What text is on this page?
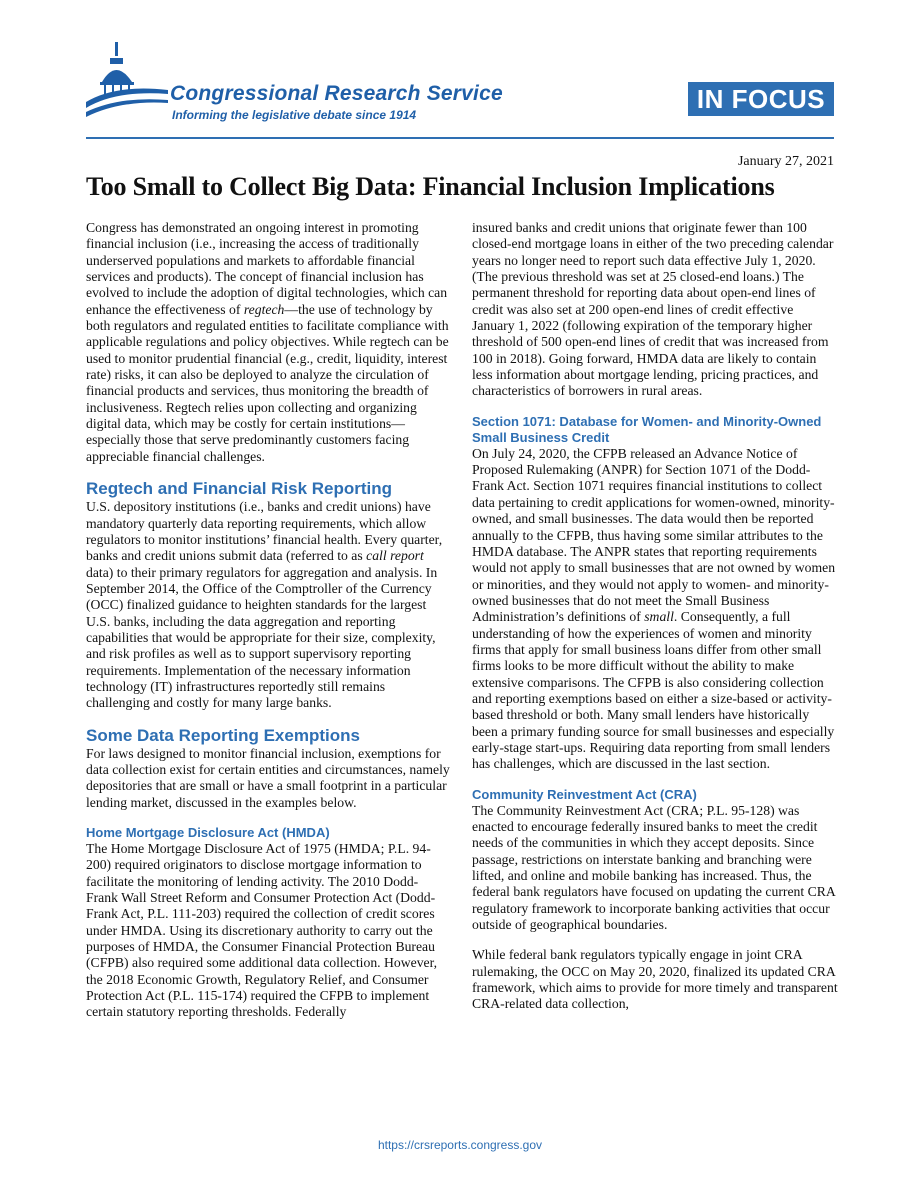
Congressional Research Service
Informing the legislative debate since 1914
IN FOCUS
January 27, 2021
Too Small to Collect Big Data: Financial Inclusion Implications

Congress has demonstrated an ongoing interest in promoting financial inclusion (i.e., increasing the access of traditionally underserved populations and markets to affordable financial services and products). The concept of financial inclusion has evolved to include the adoption of digital technologies, which can enhance the effectiveness of regtech—the use of technology by both regulators and regulated entities to facilitate compliance with applicable regulations and policy objectives. While regtech can be used to monitor prudential financial (e.g., credit, liquidity, interest rate) risks, it can also be deployed to analyze the circulation of financial products and services, thus monitoring the breadth of inclusiveness. Regtech relies upon collecting and organizing digital data, which may be costly for certain institutions—especially those that serve predominantly customers facing appreciable financial challenges.

Regtech and Financial Risk Reporting

U.S. depository institutions (i.e., banks and credit unions) have mandatory quarterly data reporting requirements, which allow regulators to monitor institutions’ financial health. Every quarter, banks and credit unions submit data (referred to as call report data) to their primary regulators for aggregation and analysis. In September 2014, the Office of the Comptroller of the Currency (OCC) finalized guidance to heighten standards for the largest U.S. banks, including the data aggregation and reporting capabilities that would be appropriate for their size, complexity, and risk profiles as well as to support supervisory reporting requirements. Implementation of the necessary information technology (IT) infrastructures reportedly still remains challenging and costly for many large banks.

Some Data Reporting Exemptions

For laws designed to monitor financial inclusion, exemptions for data collection exist for certain entities and circumstances, namely depositories that are small or have a small footprint in a particular lending market, discussed in the examples below.

Home Mortgage Disclosure Act (HMDA)

The Home Mortgage Disclosure Act of 1975 (HMDA; P.L. 94-200) required originators to disclose mortgage information to facilitate the monitoring of lending activity. The 2010 Dodd-Frank Wall Street Reform and Consumer Protection Act (Dodd-Frank Act, P.L. 111-203) required the collection of credit scores under HMDA. Using its discretionary authority to carry out the purposes of HMDA, the Consumer Financial Protection Bureau (CFPB) also required some additional data collection. However, the 2018 Economic Growth, Regulatory Relief, and Consumer Protection Act (P.L. 115-174) required the CFPB to implement certain statutory reporting thresholds. Federally

insured banks and credit unions that originate fewer than 100 closed-end mortgage loans in either of the two preceding calendar years no longer need to report such data effective July 1, 2020. (The previous threshold was set at 25 closed-end loans.) The permanent threshold for reporting data about open-end lines of credit was also set at 200 open-end lines of credit effective January 1, 2022 (following expiration of the temporary higher threshold of 500 open-end lines of credit that was increased from 100 in 2018). Going forward, HMDA data are likely to contain less information about mortgage lending, pricing practices, and characteristics of borrowers in rural areas.

Section 1071: Database for Women- and Minority-Owned Small Business Credit

On July 24, 2020, the CFPB released an Advance Notice of Proposed Rulemaking (ANPR) for Section 1071 of the Dodd-Frank Act. Section 1071 requires financial institutions to collect data pertaining to credit applications for women-owned, minority-owned, and small businesses. The data would then be reported annually to the CFPB, thus having some similar attributes to the HMDA database. The ANPR states that reporting requirements would not apply to small businesses that are not owned by women or minorities, and they would not apply to women- and minority-owned businesses that do not meet the Small Business Administration’s definitions of small. Consequently, a full understanding of how the experiences of women and minority firms that apply for small business loans differ from other small firms looks to be more difficult without the ability to make extensive comparisons. The CFPB is also considering collection and reporting exemptions based on either a size-based or activity-based threshold or both. Many small lenders have historically been a primary funding source for small businesses and especially early-stage start-ups. Requiring data reporting from small lenders has challenges, which are discussed in the last section.

Community Reinvestment Act (CRA)

The Community Reinvestment Act (CRA; P.L. 95-128) was enacted to encourage federally insured banks to meet the credit needs of the communities in which they accept deposits. Since passage, restrictions on interstate banking and branching were lifted, and online and mobile banking has increased. Thus, the federal bank regulators have focused on updating the current CRA regulatory framework to incorporate banking activities that occur outside of geographical boundaries.

While federal bank regulators typically engage in joint CRA rulemaking, the OCC on May 20, 2020, finalized its updated CRA framework, which aims to provide for more timely and transparent CRA-related data collection,

https://crsreports.congress.gov
